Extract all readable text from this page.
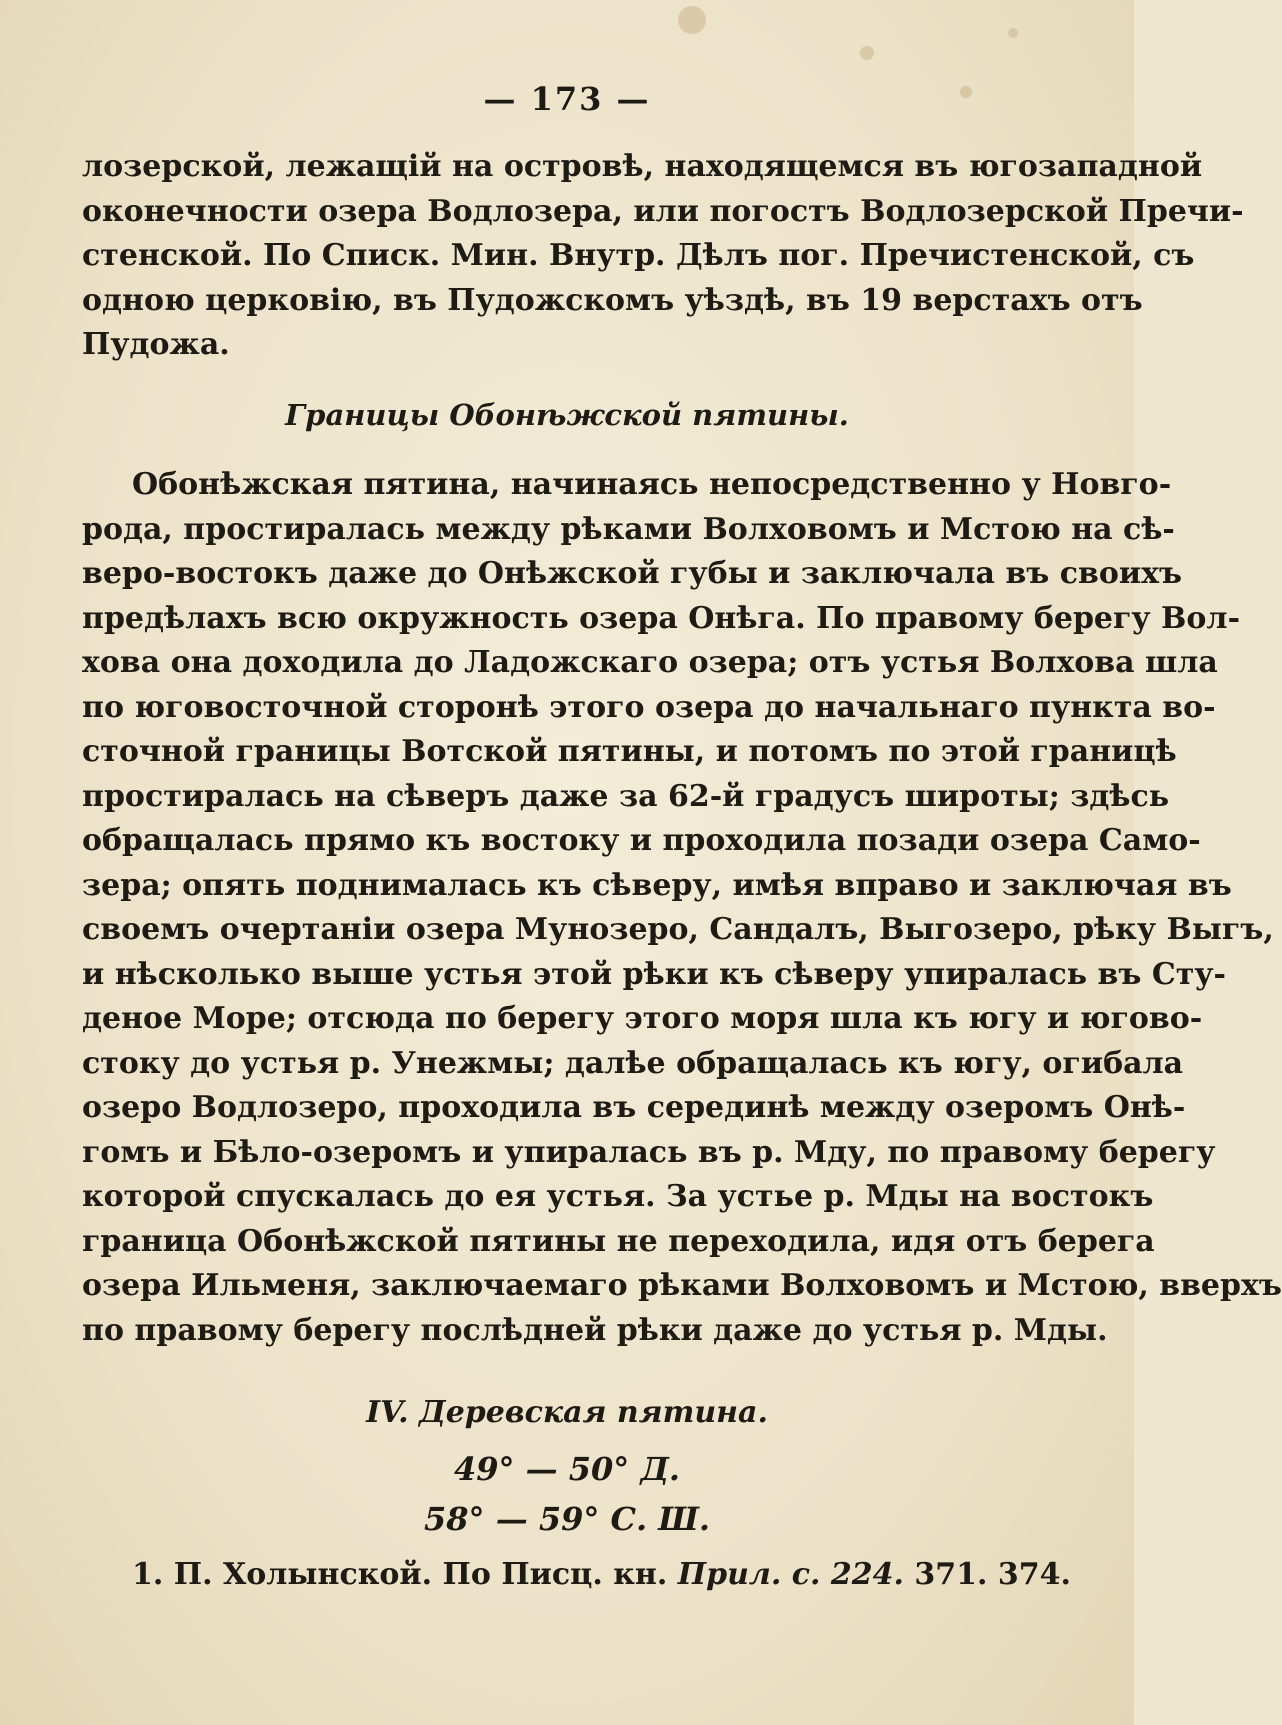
— 173 —
лозерской, лежащій на островѣ, находящемся въ югозападной
оконечности озера Водлозера, или погостъ Водлозерской Пречи-
стенской. По Списк. Мин. Внутр. Дѣлъ пог. Пречистенской, съ
одною церковію, въ Пудожскомъ уѣздѣ, въ 19 верстахъ отъ
Пудожа.
Границы Обонѣжской пятины.
Обонѣжская пятина, начинаясь непосредственно у Новго-
рода, простиралась между рѣками Волховомъ и Мстою на сѣ-
веро-востокъ даже до Онѣжской губы и заключала въ своихъ
предѣлахъ всю окружность озера Онѣга. По правому берегу Вол-
хова она доходила до Ладожскаго озера; отъ устья Волхова шла
по юговосточной сторонѣ этого озера до начальнаго пункта во-
сточной границы Вотской пятины, и потомъ по этой границѣ
простиралась на сѣверъ даже за 62-й градусъ широты; здѣсь
обращалась прямо къ востоку и проходила позади озера Само-
зера; опять поднималась къ сѣверу, имѣя вправо и заключая въ
своемъ очертаніи озера Мунозеро, Сандалъ, Выгозеро, рѣку Выгъ,
и нѣсколько выше устья этой рѣки къ сѣверу упиралась въ Сту-
деное Море; отсюда по берегу этого моря шла къ югу и югово-
стоку до устья р. Унежмы; далѣе обращалась къ югу, огибала
озеро Водлозеро, проходила въ серединѣ между озеромъ Онѣ-
гомъ и Бѣло-озеромъ и упиралась въ р. Мду, по правому берегу
которой спускалась до ея устья. За устье р. Мды на востокъ
граница Обонѣжской пятины не переходила, идя отъ берега
озера Ильменя, заключаемаго рѣками Волховомъ и Мстою, вверхъ
по правому берегу послѣдней рѣки даже до устья р. Мды.
IV. Деревская пятина.
49° — 50° Д.
58° — 59° С. Ш.
1. П. Холынской. По Писц. кн. Прил. с. 224. 371. 374.
